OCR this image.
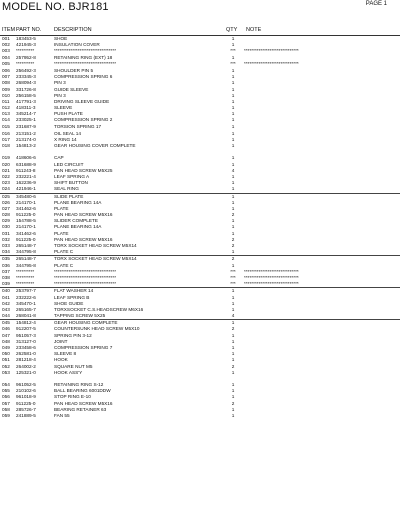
PAGE 1
MODEL NO. BJR181
ITEM PART NO. DESCRIPTION	QTY NOTE
001 183453-5	SHOE	1
002 421945-3	INSULATION COVER	1
003 **********	**********************************	***	******************************
004 257952-8	RETAINING RING (EXT) 18	1
005 **********	**********************************	***	******************************
006 256492-3	SHOULDER PIN 5	1
007 233345-3	COMPRESSION SPRING 6	1
008 268094-3	PIN 3	1
009 331726-8	GUIDE SLEEVE	1
010 256158-5	PIN 3	1
011 417791-3	DRIVING SLEEVE GUIDE	1
012 418311-3	SLEEVE	1
013 345214-7	PUSH PLATE	1
014 233025-1	COMPRESSION SPRING 2	1
015 231687-9	TORSION SPRING 17	1
016 213151-2	OIL SEAL 14	1
017 213174-0	X RING 14	1
018 154813-2	GEAR HOUSING COVER COMPLETE	1
019 418606-6	CAP	1
020 631688-9	LED CIRCUIT	1
021 911243-8	PAN HEAD SCREW M5X25	4
022 232221-4	LEAF SPRING A	1
023 162236-9	SHIFT BUTTON	1
024 421946-1	SEAL RING	1
025 345480-6	SLIDE PLATE	1
026 214170-1	PLANE BEARING 14A	1
027 341462-6	PLATE	1
028 911225-0	PAN HEAD SCREW M5X16	2
029 154788-5	SLIDER COMPLETE	1
030 214170-1	PLANE BEARING 14A	1
031 341462-6	PLATE	1
032 911225-0	PAN HEAD SCREW M5X16	2
033 265148-7	TORX SOCKET HEAD SCREW M5X14	2
034 344795-8	PLATE C	1
035 265148-7	TORX SOCKET HEAD SCREW M5X14	2
036 344795-8	PLATE C	1
037 **********	**********************************	***	******************************
038 **********	**********************************	***	******************************
039 **********	**********************************	***	******************************
040 253797-7	FLAT WASHER 14	1
041 232222-6	LEAF SPRING B	1
042 345470-1	SHOE GUIDE	1
043 265165-7	TORXSOCKET C.S.HEADSCREW M6X16	1
044 268041-8	TAPPING SCREW 5X25	4
045 154812-4	GEAR HOUSING COMPLETE	1
046 912207-5	COUNTERSUNK HEAD SCREW M5X10	2
047 951057-3	SPRING PIN 3-12	1
048 313127-0	JOINT	1
049 233458-6	COMPRESSION SPRING 7	1
050 262581-0	SLEEVE 8	1
051 281218-4	HOOK	1
052 264002-2	SQUARE NUT M5	2
053 125321-0	HOOK ASS'Y	1
054 961052-5	RETAINING RING S-12	1
055 210102-6	BALL BEARING 6001DDW	1
056 961018-9	STOP RING E-10	1
057 911225-0	PAN HEAD SCREW M5X16	2
058 285726-7	BEARING RETAINER 63	1
059 241889-5	FAN 55	1
